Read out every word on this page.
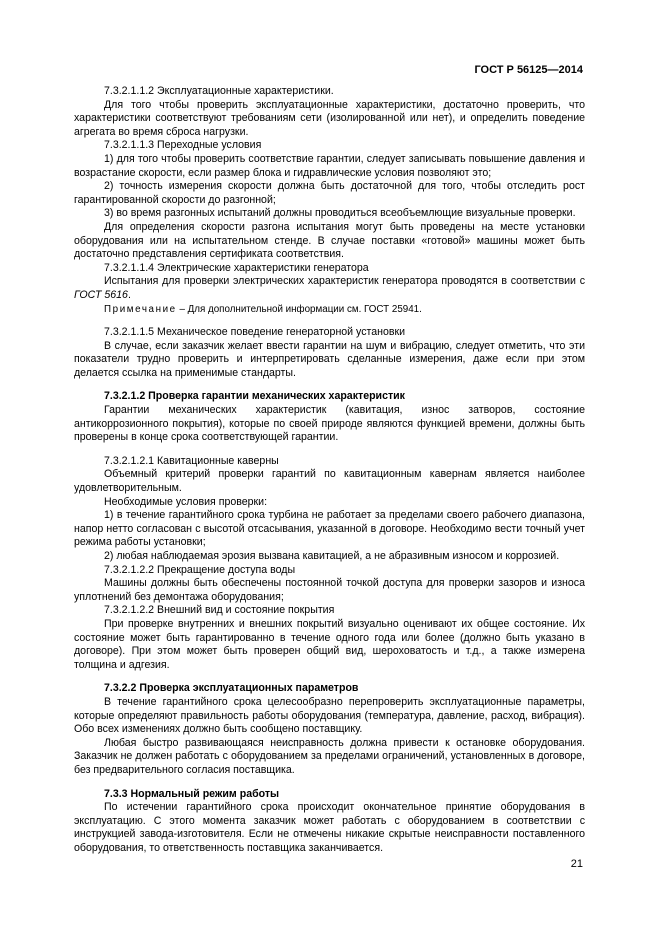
ГОСТ Р 56125—2014

7.3.2.1.1.2 Эксплуатационные характеристики.

Для того чтобы проверить эксплуатационные характеристики, достаточно проверить, что характеристики соответствуют требованиям сети (изолированной или нет), и определить поведение агрегата во время сброса нагрузки.

7.3.2.1.1.3 Переходные условия

1) для того чтобы проверить соответствие гарантии, следует записывать повышение давления и возрастание скорости, если размер блока и гидравлические условия позволяют это;

2) точность измерения скорости должна быть достаточной для того, чтобы отследить рост гарантированной скорости до разгонной;

3) во время разгонных испытаний должны проводиться всеобъемлющие визуальные проверки.

Для определения скорости разгона испытания могут быть проведены на месте установки оборудования или на испытательном стенде. В случае поставки «готовой» машины может быть достаточно представления сертификата соответствия.

7.3.2.1.1.4 Электрические характеристики генератора

Испытания для проверки электрических характеристик генератора проводятся в соответствии с ГОСТ 5616.

Примечание – Для дополнительной информации см. ГОСТ 25941.

7.3.2.1.1.5 Механическое поведение генераторной установки

В случае, если заказчик желает ввести гарантии на шум и вибрацию, следует отметить, что эти показатели трудно проверить и интерпретировать сделанные измерения, даже если при этом делается ссылка на применимые стандарты.

7.3.2.1.2 Проверка гарантии механических характеристик

Гарантии механических характеристик (кавитация, износ затворов, состояние антикоррозионного покрытия), которые по своей природе являются функцией времени, должны быть проверены в конце срока соответствующей гарантии.

7.3.2.1.2.1 Кавитационные каверны

Объемный критерий проверки гарантий по кавитационным кавернам является наиболее удовлетворительным.

Необходимые условия проверки:

1) в течение гарантийного срока турбина не работает за пределами своего рабочего диапазона, напор нетто согласован с высотой отсасывания, указанной в договоре. Необходимо вести точный учет режима работы установки;

2) любая наблюдаемая эрозия вызвана кавитацией, а не абразивным износом и коррозией.

7.3.2.1.2.2 Прекращение доступа воды

Машины должны быть обеспечены постоянной точкой доступа для проверки зазоров и износа уплотнений без демонтажа оборудования;

7.3.2.1.2.2 Внешний вид и состояние покрытия

При проверке внутренних и внешних покрытий визуально оценивают их общее состояние. Их состояние может быть гарантированно в течение одного года или более (должно быть указано в договоре). При этом может быть проверен общий вид, шероховатость и т.д., а также измерена толщина и адгезия.

7.3.2.2 Проверка эксплуатационных параметров

В течение гарантийного срока целесообразно перепроверить эксплуатационные параметры, которые определяют правильность работы оборудования (температура, давление, расход, вибрация). Обо всех изменениях должно быть сообщено поставщику.

Любая быстро развивающаяся неисправность должна привести к остановке оборудования. Заказчик не должен работать с оборудованием за пределами ограничений, установленных в договоре, без предварительного согласия поставщика.

7.3.3 Нормальный режим работы

По истечении гарантийного срока происходит окончательное принятие оборудования в эксплуатацию. С этого момента заказчик может работать с оборудованием в соответствии с инструкцией завода-изготовителя. Если не отмечены никакие скрытые неисправности поставленного оборудования, то ответственность поставщика заканчивается.

21
